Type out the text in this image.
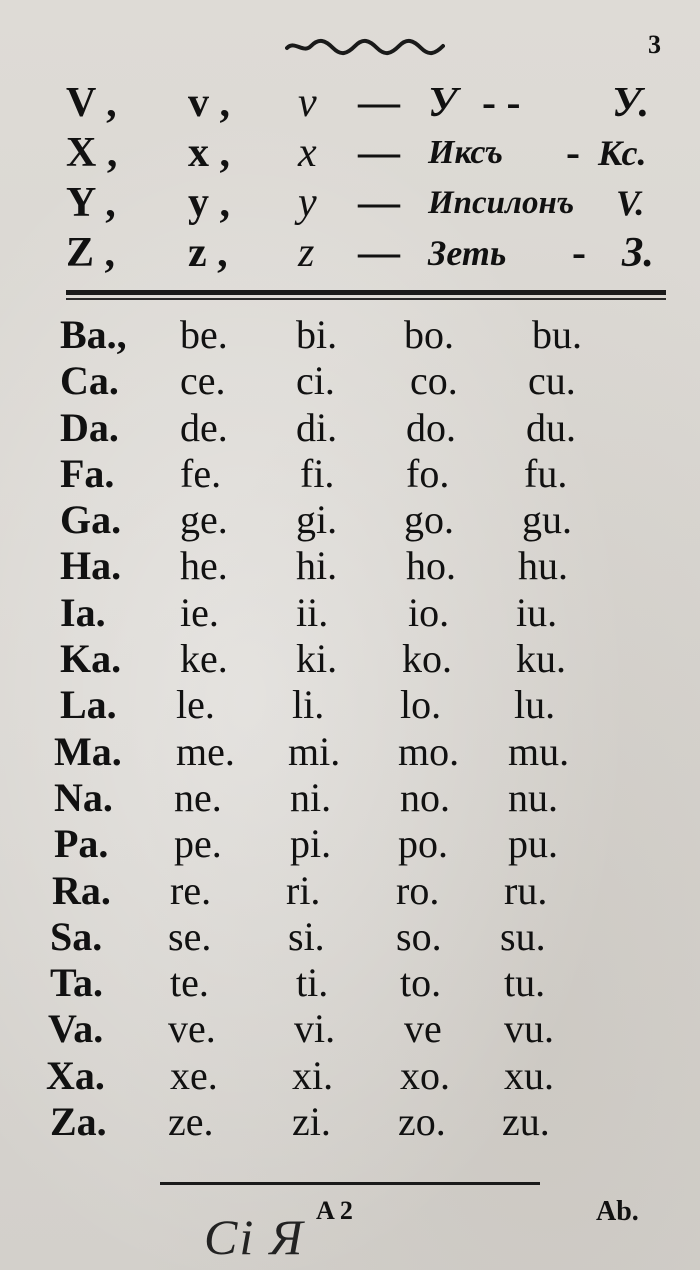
3
V , v , v — У - - У.
X , x , x — Иксъ - Кс.
Y , y , y — Ипсилонъ V.
Z , z , z — Зеть - З.
Ba., be. bi. bo. bu.
Ca. ce. ci. co. cu.
Da. de. di. do. du.
Fa. fe. fi. fo. fu.
Ga. ge. gi. go. gu.
Ha. he. hi. ho. hu.
Ia. ie. ii. io. iu.
Ka. ke. ki. ko. ku.
La. le. li. lo. lu.
Ma. me. mi. mo. mu.
Na. ne. ni. no. nu.
Pa. pe. pi. po. pu.
Ra. re. ri. ro. ru.
Sa. se. si. so. su.
Ta. te. ti. to. tu.
Va. ve. vi. ve vu.
Xa. xe. xi. xo. xu.
Za. ze. zi. zo. zu.
A 2	Ab.
Ci Я
